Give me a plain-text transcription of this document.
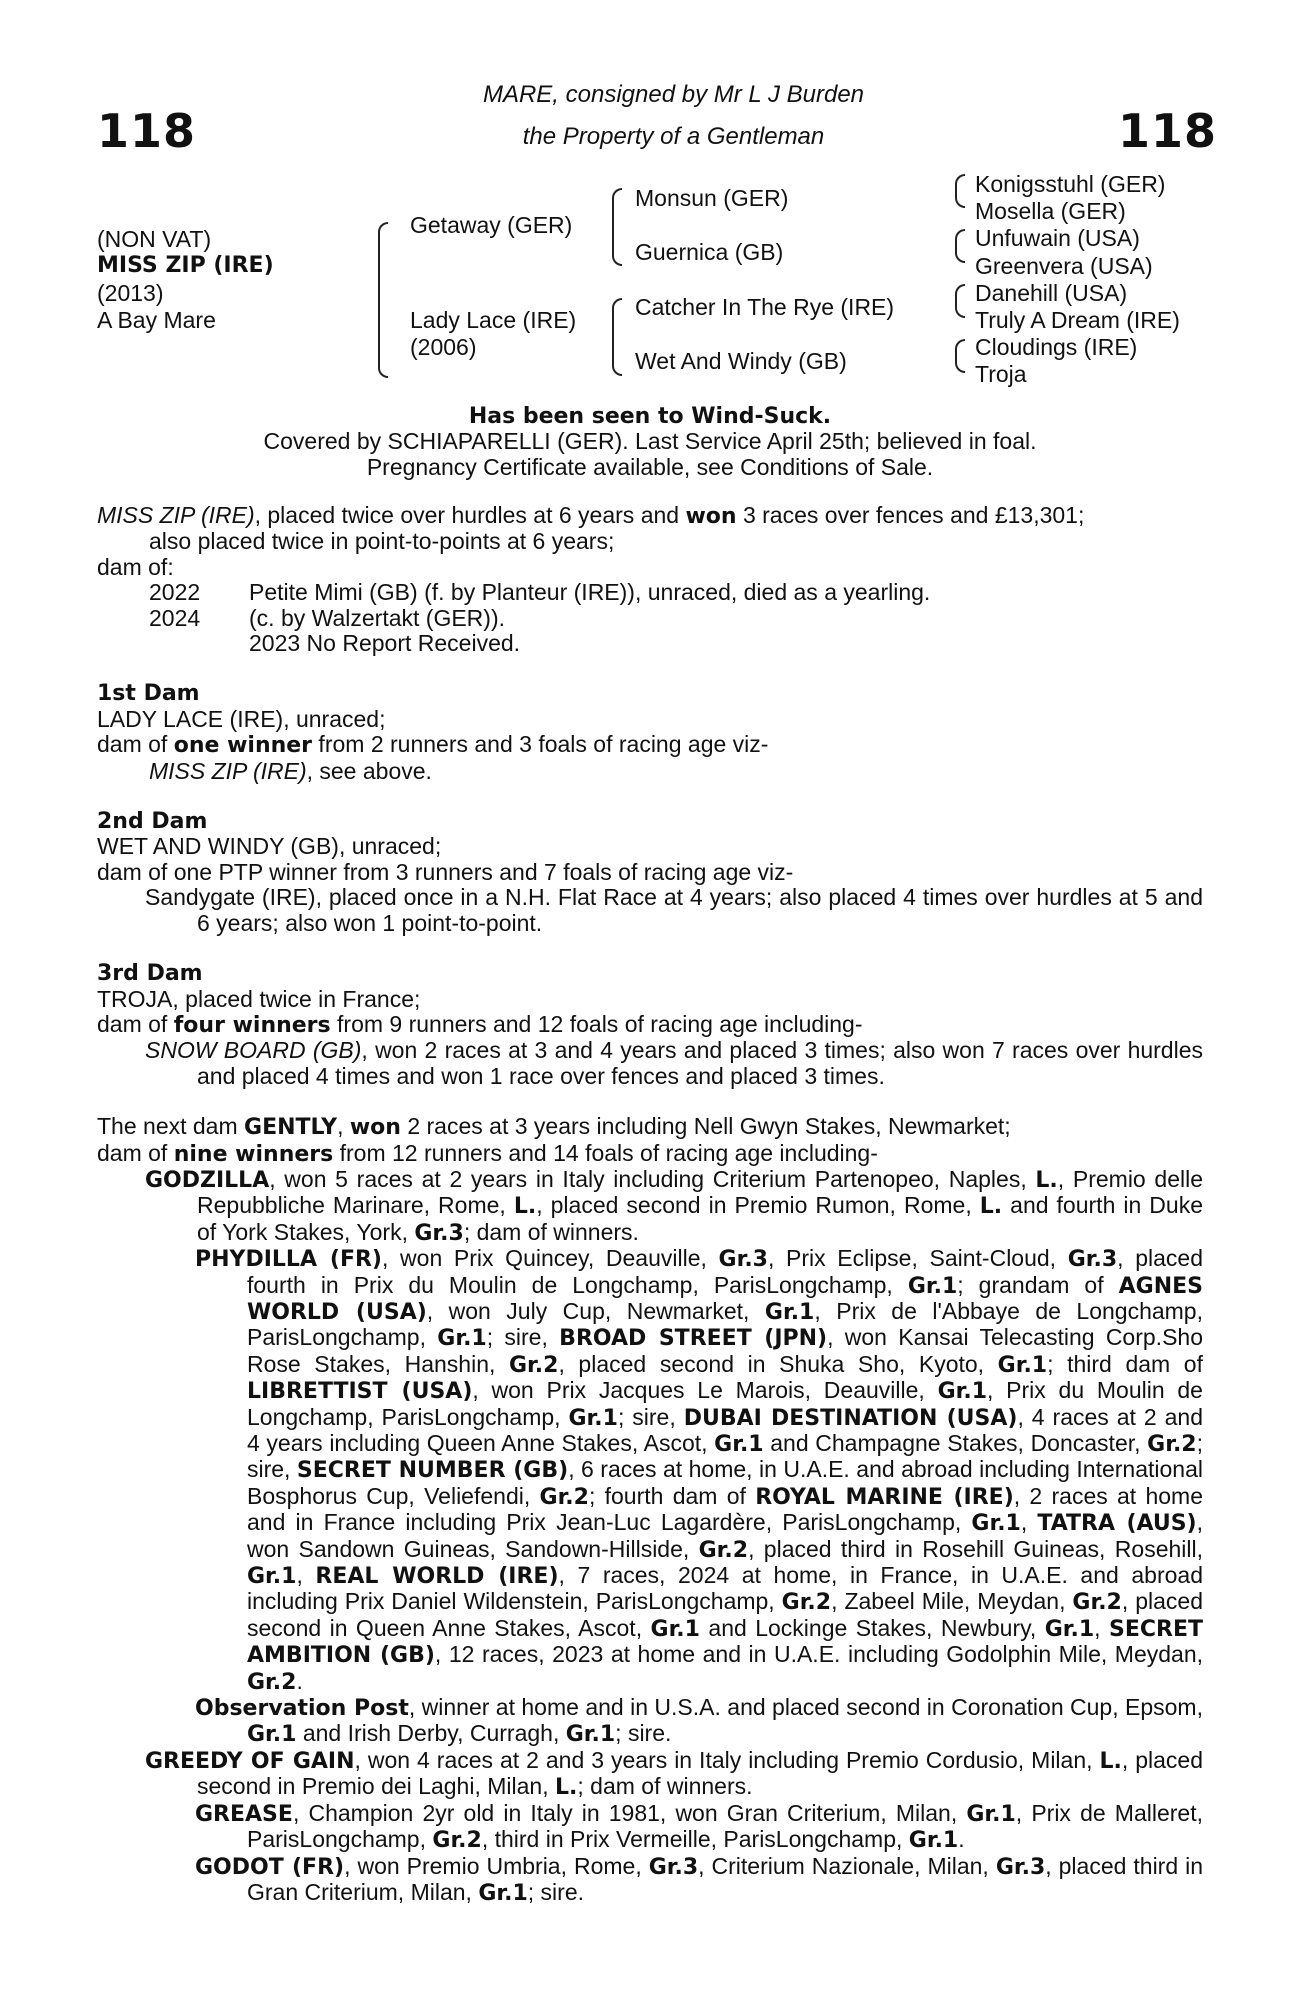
118	118
MARE, consigned by Mr L J Burden
the Property of a Gentleman
(NON VAT)
MISS ZIP (IRE)
(2013)
A Bay Mare
Getaway (GER)
Lady Lace (IRE)
(2006)
Monsun (GER)
Guernica (GB)
Catcher In The Rye (IRE)
Wet And Windy (GB)
Konigsstuhl (GER)
Mosella (GER)
Unfuwain (USA)
Greenvera (USA)
Danehill (USA)
Truly A Dream (IRE)
Cloudings (IRE)
Troja

Has been seen to Wind-Suck.

Covered by SCHIAPARELLI (GER). Last Service April 25th; believed in foal.

Pregnancy Certificate available, see Conditions of Sale.

MISS ZIP (IRE), placed twice over hurdles at 6 years and won 3 races over fences and £13,301;

also placed twice in point-to-points at 6 years;

dam of:

2022	Petite Mimi (GB) (f. by Planteur (IRE)), unraced, died as a yearling.
2024	(c. by Walzertakt (GER)).

2023 No Report Received.

1st Dam

LADY LACE (IRE), unraced;

dam of one winner from 2 runners and 3 foals of racing age viz-

MISS ZIP (IRE), see above.

2nd Dam

WET AND WINDY (GB), unraced;

dam of one PTP winner from 3 runners and 7 foals of racing age viz-

Sandygate (IRE), placed once in a N.H. Flat Race at 4 years; also placed 4 times over hurdles at 5 and 6 years; also won 1 point-to-point.

3rd Dam

TROJA, placed twice in France;

dam of four winners from 9 runners and 12 foals of racing age including-

SNOW BOARD (GB), won 2 races at 3 and 4 years and placed 3 times; also won 7 races over hurdles and placed 4 times and won 1 race over fences and placed 3 times.

The next dam GENTLY, won 2 races at 3 years including Nell Gwyn Stakes, Newmarket;

dam of nine winners from 12 runners and 14 foals of racing age including-

GODZILLA, won 5 races at 2 years in Italy including Criterium Partenopeo, Naples, L., Premio delle Repubbliche Marinare, Rome, L., placed second in Premio Rumon, Rome, L. and fourth in Duke of York Stakes, York, Gr.3; dam of winners.

PHYDILLA (FR), won Prix Quincey, Deauville, Gr.3, Prix Eclipse, Saint-Cloud, Gr.3, placed fourth in Prix du Moulin de Longchamp, ParisLongchamp, Gr.1; grandam of AGNES WORLD (USA), won July Cup, Newmarket, Gr.1, Prix de l'Abbaye de Longchamp, ParisLongchamp, Gr.1; sire, BROAD STREET (JPN), won Kansai Telecasting Corp.Sho Rose Stakes, Hanshin, Gr.2, placed second in Shuka Sho, Kyoto, Gr.1; third dam of LIBRETTIST (USA), won Prix Jacques Le Marois, Deauville, Gr.1, Prix du Moulin de Longchamp, ParisLongchamp, Gr.1; sire, DUBAI DESTINATION (USA), 4 races at 2 and 4 years including Queen Anne Stakes, Ascot, Gr.1 and Champagne Stakes, Doncaster, Gr.2; sire, SECRET NUMBER (GB), 6 races at home, in U.A.E. and abroad including International Bosphorus Cup, Veliefendi, Gr.2; fourth dam of ROYAL MARINE (IRE), 2 races at home and in France including Prix Jean-Luc Lagardère, ParisLongchamp, Gr.1, TATRA (AUS), won Sandown Guineas, Sandown-Hillside, Gr.2, placed third in Rosehill Guineas, Rosehill, Gr.1, REAL WORLD (IRE), 7 races, 2024 at home, in France, in U.A.E. and abroad including Prix Daniel Wildenstein, ParisLongchamp, Gr.2, Zabeel Mile, Meydan, Gr.2, placed second in Queen Anne Stakes, Ascot, Gr.1 and Lockinge Stakes, Newbury, Gr.1, SECRET AMBITION (GB), 12 races, 2023 at home and in U.A.E. including Godolphin Mile, Meydan, Gr.2.

Observation Post, winner at home and in U.S.A. and placed second in Coronation Cup, Epsom, Gr.1 and Irish Derby, Curragh, Gr.1; sire.

GREEDY OF GAIN, won 4 races at 2 and 3 years in Italy including Premio Cordusio, Milan, L., placed second in Premio dei Laghi, Milan, L.; dam of winners.

GREASE, Champion 2yr old in Italy in 1981, won Gran Criterium, Milan, Gr.1, Prix de Malleret, ParisLongchamp, Gr.2, third in Prix Vermeille, ParisLongchamp, Gr.1.

GODOT (FR), won Premio Umbria, Rome, Gr.3, Criterium Nazionale, Milan, Gr.3, placed third in Gran Criterium, Milan, Gr.1; sire.
